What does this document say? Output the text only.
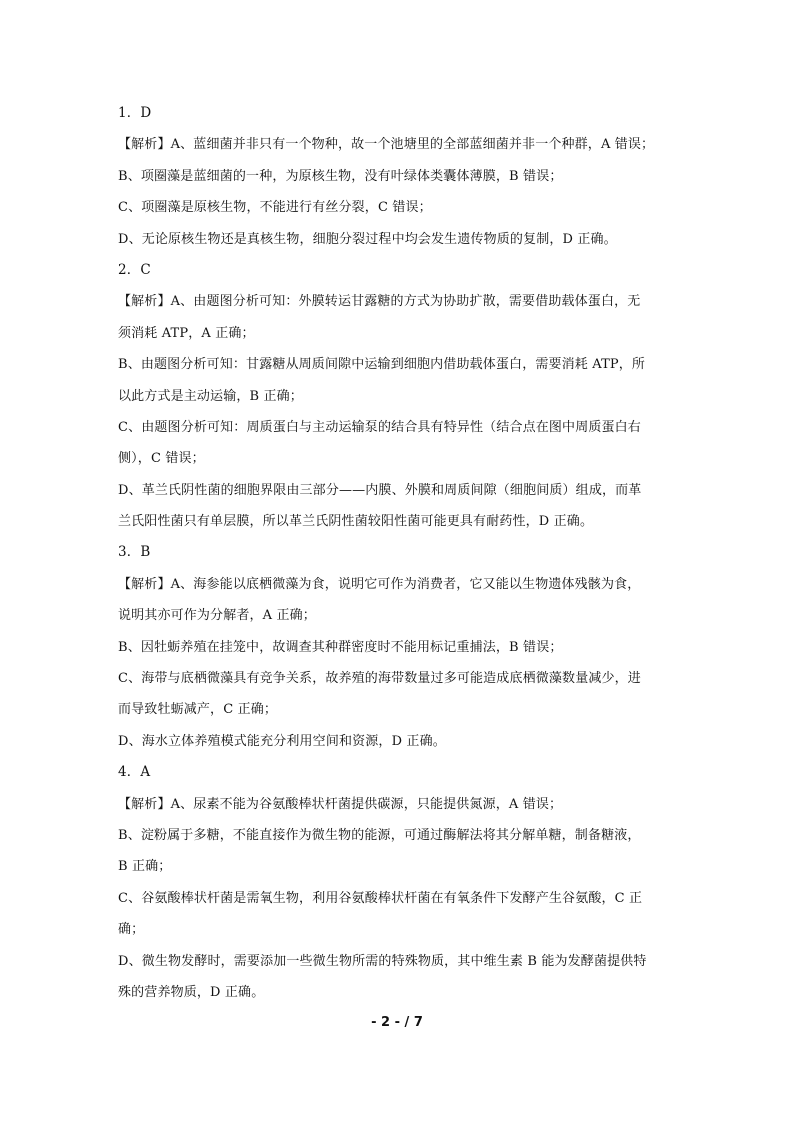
1．D
【解析】A、蓝细菌并非只有一个物种，故一个池塘里的全部蓝细菌并非一个种群，A 错误；
B、项圈藻是蓝细菌的一种，为原核生物，没有叶绿体类囊体薄膜，B 错误；
C、项圈藻是原核生物，不能进行有丝分裂，C 错误；
D、无论原核生物还是真核生物，细胞分裂过程中均会发生遗传物质的复制，D 正确。
2．C
【解析】A、由题图分析可知：外膜转运甘露糖的方式为协助扩散，需要借助载体蛋白，无
须消耗 ATP，A 正确；
B、由题图分析可知：甘露糖从周质间隙中运输到细胞内借助载体蛋白，需要消耗 ATP，所
以此方式是主动运输，B 正确；
C、由题图分析可知：周质蛋白与主动运输泵的结合具有特异性（结合点在图中周质蛋白右
侧），C 错误；
D、革兰氏阴性菌的细胞界限由三部分——内膜、外膜和周质间隙（细胞间质）组成，而革
兰氏阳性菌只有单层膜，所以革兰氏阴性菌较阳性菌可能更具有耐药性，D 正确。
3．B
【解析】A、海参能以底栖微藻为食，说明它可作为消费者，它又能以生物遗体残骸为食，
说明其亦可作为分解者，A 正确；
B、因牡蛎养殖在挂笼中，故调查其种群密度时不能用标记重捕法，B 错误；
C、海带与底栖微藻具有竞争关系，故养殖的海带数量过多可能造成底栖微藻数量减少，进
而导致牡蛎减产，C 正确；
D、海水立体养殖模式能充分利用空间和资源，D 正确。
4．A
【解析】A、尿素不能为谷氨酸棒状杆菌提供碳源，只能提供氮源，A 错误；
B、淀粉属于多糖，不能直接作为微生物的能源，可通过酶解法将其分解单糖，制备糖液，
B 正确；
C、谷氨酸棒状杆菌是需氧生物，利用谷氨酸棒状杆菌在有氧条件下发酵产生谷氨酸，C 正
确；
D、微生物发酵时，需要添加一些微生物所需的特殊物质，其中维生素 B 能为发酵菌提供特
殊的营养物质，D 正确。
- 2 - / 7
